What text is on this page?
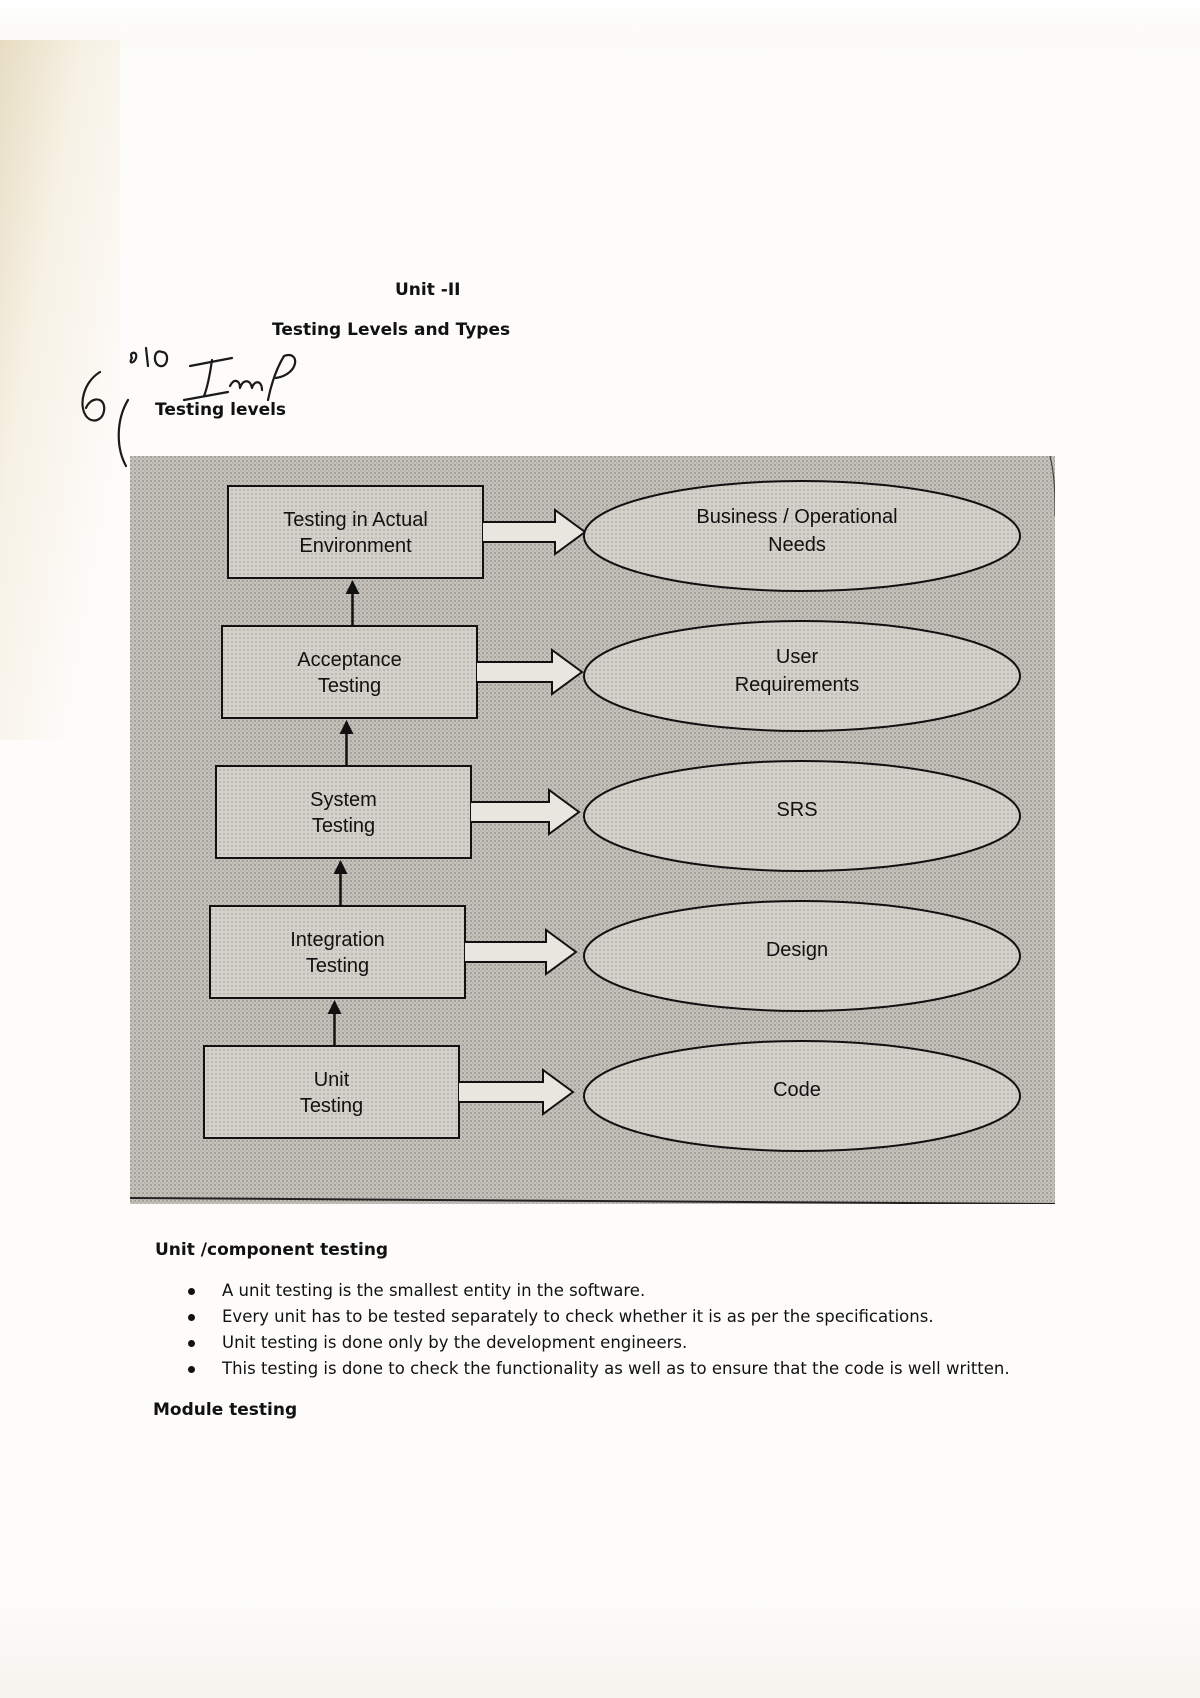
Unit -II
Testing Levels and Types
Testing levels
Testing in Actual
Environment
Business / Operational
Needs
Acceptance
Testing
User
Requirements
System
Testing
SRS
Integration
Testing
Design
Unit
Testing
Code
Unit /component testing
A unit testing is the smallest entity in the software.
Every unit has to be tested separately to check whether it is as per the specifications.
Unit testing is done only by the development engineers.
This testing is done to check the functionality as well as to ensure that the code is well written.
Module testing
